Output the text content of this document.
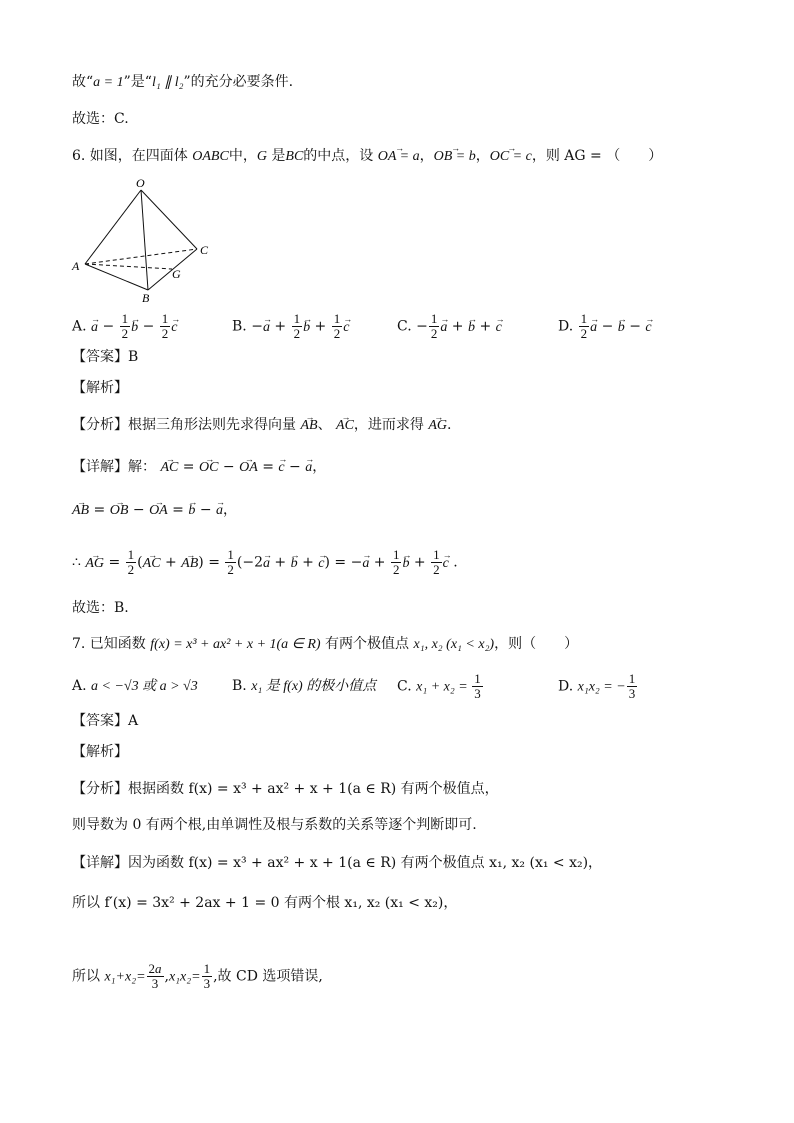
故“a = 1”是“l₁ ∥ l₂”的充分必要条件.
故选：C.
6. 如图，在四面体 OABC中，G 是BC的中点，设 → OA = a，→ OB = b，→ OC = c，则 AG = （　　）
O
A
B
C
G
A. → $a - \frac{1}{2}$
→ $b - \frac{1}{2}$
→ c	B. −→ $a + \frac{1}{2}$
→ $b + \frac{1}{2}$
→ c	C. − $\frac{1}{2}$
→ a + → b + → c	D. $\frac{1}{2}$
→ a − → b − → c
【答案】B
【解析】
【分析】根据三角形法则先求得向量 → AB、 → AC，进而求得 → AG.
【详解】解： → AC = → OC − → OA = → c − → a，
→ AB = → OB − → OA = → b − → a，
∴ → AG = $\frac{1}{2}$ (→ AC + → $AB) = \frac{1}{2} (-2\to a$ + → b + → c) = −→ $a + \frac{1}{2}$
→ $b + \frac{1}{2}$
→ c .
故选：B.
7. 已知函数 f(x) = x³ + ax² + x + 1(a ∈ R) 有两个极值点 x₁, x₂ (x₁ < x₂)，则（　　）
A. a < −√3 或 a > √3 B. x₁ 是 f(x) 的极小值点 C. $x_1 + x_2 = \frac{1}{3}$	D. x₁x₂ = − $\frac{1}{3}$
【答案】A
【解析】
【分析】根据函数 f(x) = x³ + ax² + x + 1(a ∈ R) 有两个极值点，
则导数为 0 有两个根,由单调性及根与系数的关系等逐个判断即可.
【详解】因为函数 f(x) = x³ + ax² + x + 1(a ∈ R) 有两个极值点 x₁, x₂ (x₁ < x₂)，
所以 f′(x) = 3x² + 2ax + 1 = 0 有两个根 x₁, x₂ (x₁ < x₂)，
所以 $x_1+x_2= \frac{2a}{3} ,x_1x_2= \frac{1}{3}$ ,故 CD 选项错误,
